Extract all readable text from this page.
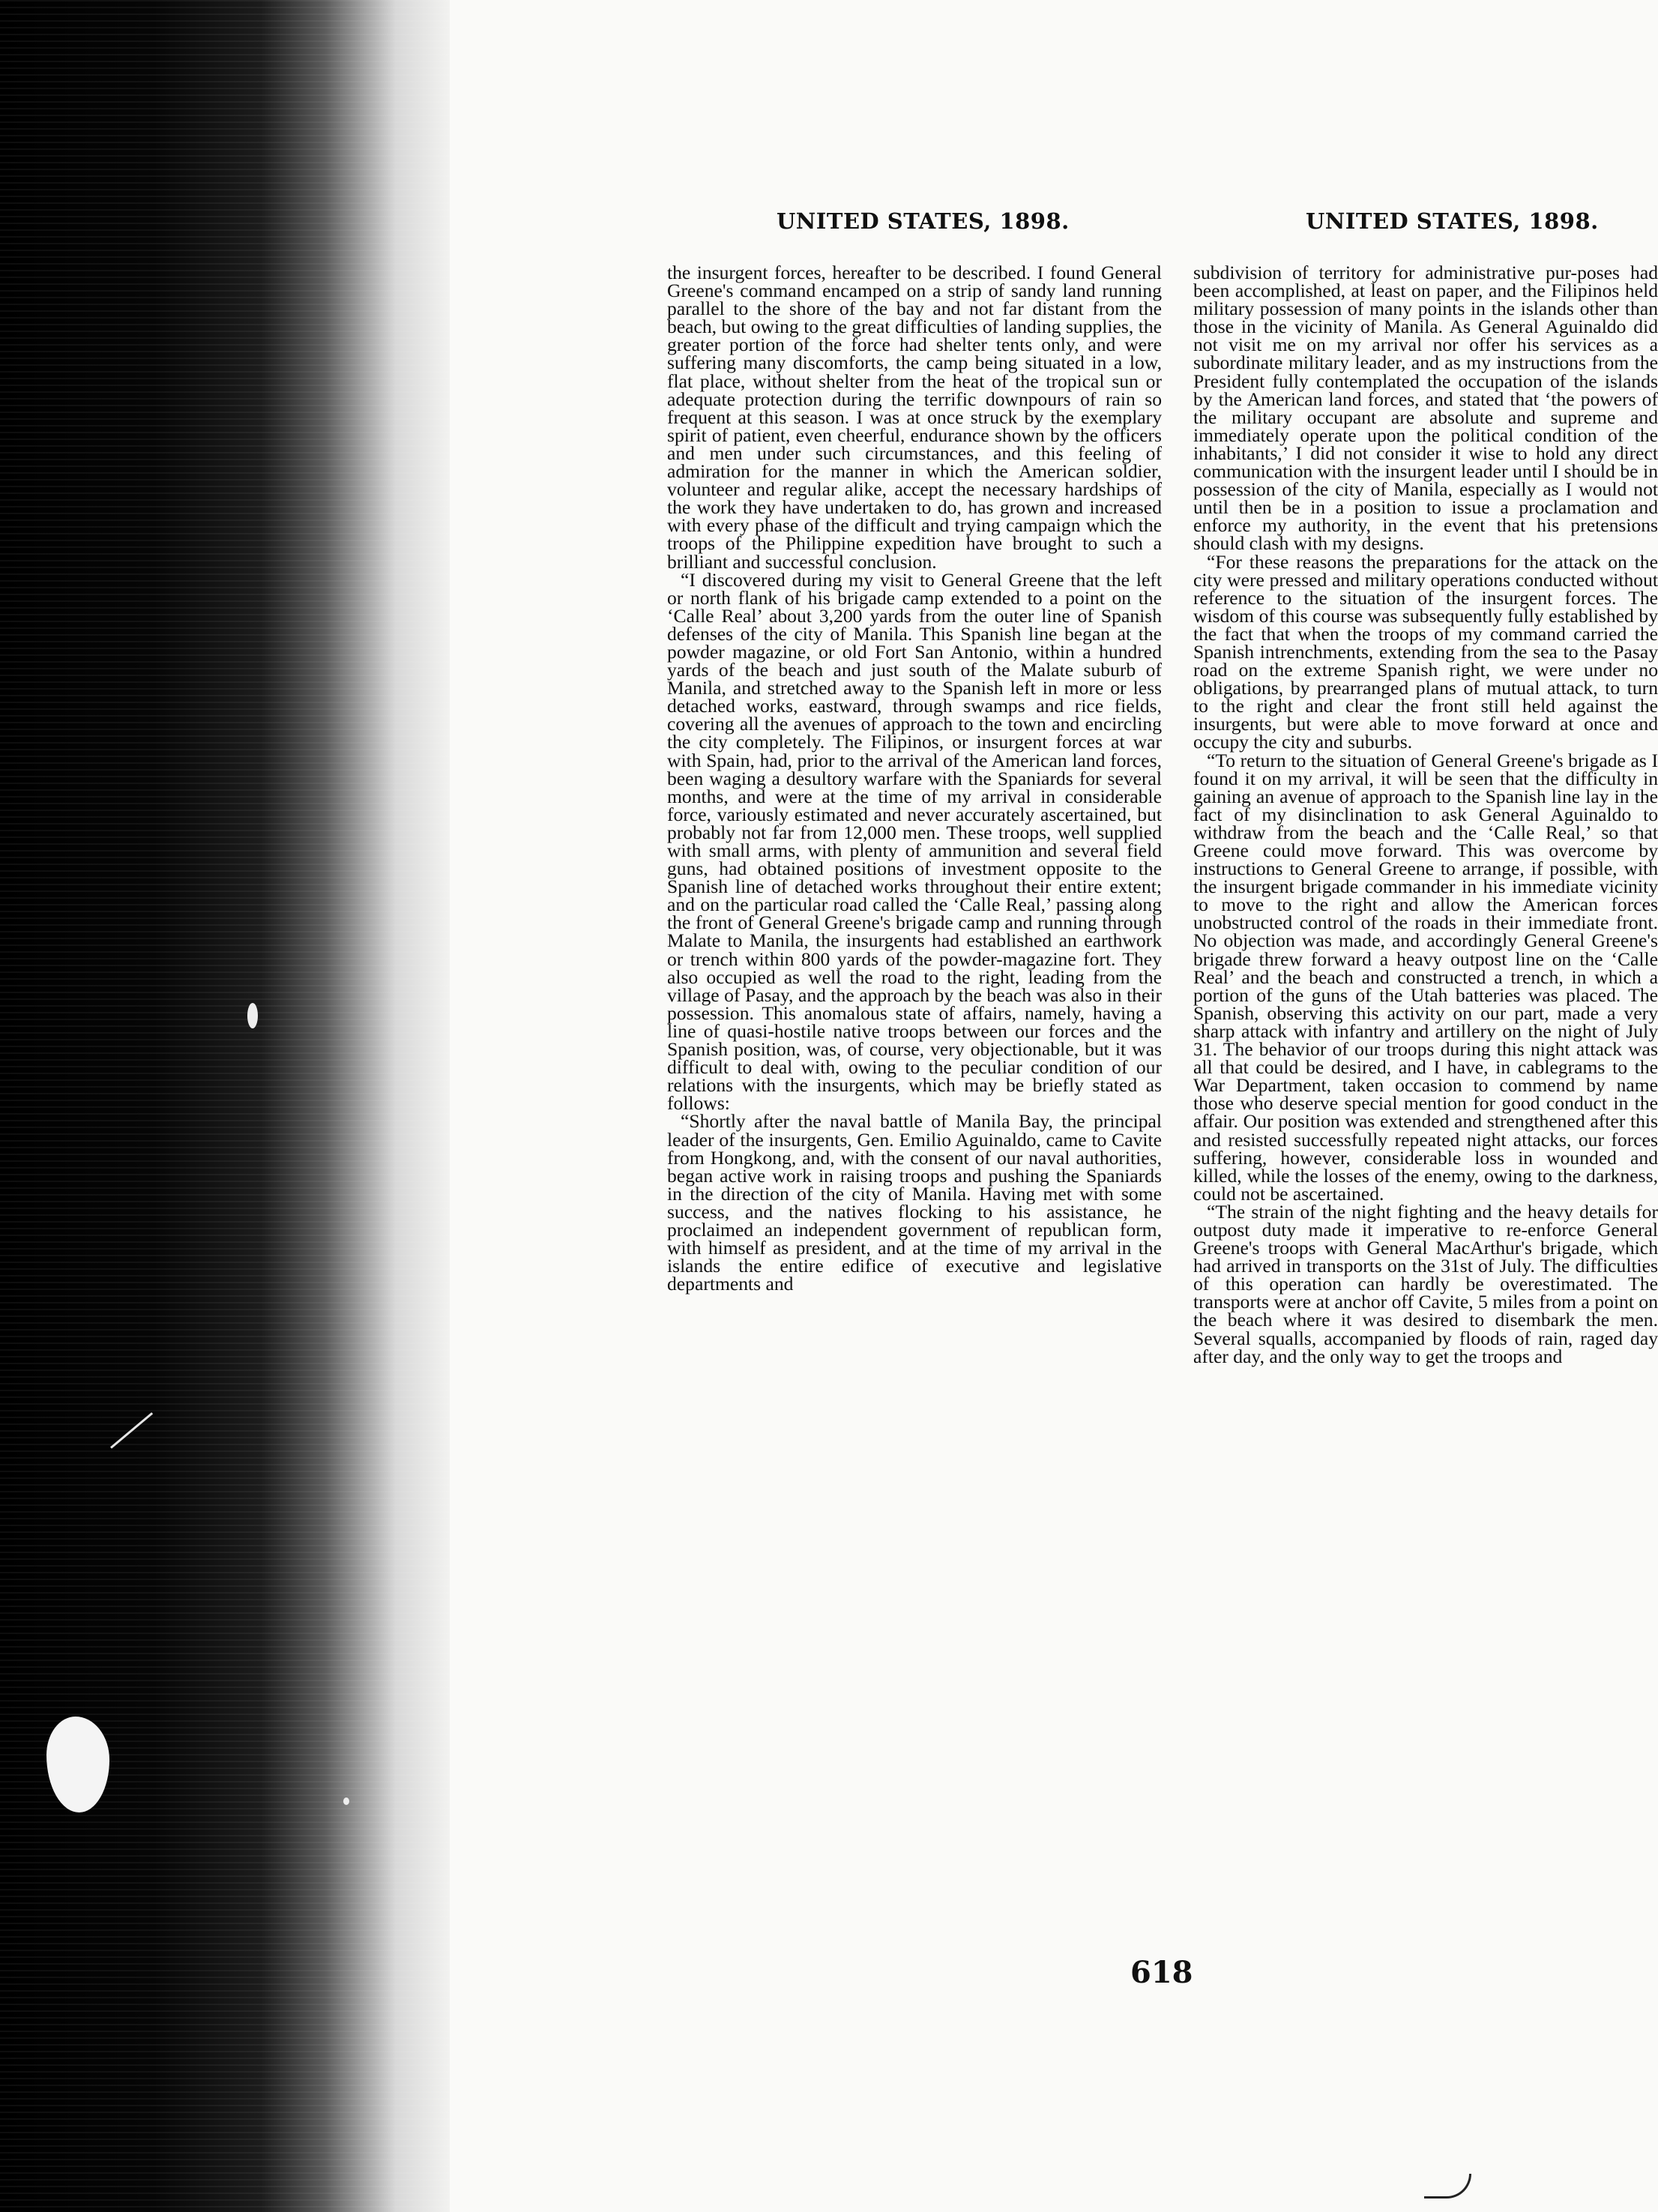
UNITED STATES, 1898.	UNITED STATES, 1898.

the insurgent forces, hereafter to be described. I found General Greene's command encamped on a strip of sandy land running parallel to the shore of the bay and not far distant from the beach, but owing to the great difficulties of landing supplies, the greater portion of the force had shelter tents only, and were suffering many discomforts, the camp being situated in a low, flat place, without shelter from the heat of the tropical sun or adequate protection during the terrific downpours of rain so frequent at this season. I was at once struck by the exemplary spirit of patient, even cheerful, endurance shown by the officers and men under such circumstances, and this feeling of admiration for the manner in which the American soldier, volunteer and regular alike, accept the necessary hardships of the work they have undertaken to do, has grown and increased with every phase of the difficult and trying campaign which the troops of the Philippine expedition have brought to such a brilliant and successful conclusion.

“I discovered during my visit to General Greene that the left or north flank of his brigade camp extended to a point on the ‘Calle Real’ about 3,200 yards from the outer line of Spanish defenses of the city of Manila. This Spanish line began at the powder magazine, or old Fort San Antonio, within a hundred yards of the beach and just south of the Malate suburb of Manila, and stretched away to the Spanish left in more or less detached works, eastward, through swamps and rice fields, covering all the avenues of approach to the town and encircling the city completely. The Filipinos, or insurgent forces at war with Spain, had, prior to the arrival of the American land forces, been waging a desultory warfare with the Spaniards for several months, and were at the time of my arrival in considerable force, variously estimated and never accurately ascertained, but probably not far from 12,000 men. These troops, well supplied with small arms, with plenty of ammunition and several field guns, had obtained positions of investment opposite to the Spanish line of detached works throughout their entire extent; and on the particular road called the ‘Calle Real,’ passing along the front of General Greene's brigade camp and running through Malate to Manila, the insurgents had established an earthwork or trench within 800 yards of the powder-magazine fort. They also occupied as well the road to the right, leading from the village of Pasay, and the approach by the beach was also in their possession. This anomalous state of affairs, namely, having a line of quasi-hostile native troops between our forces and the Spanish position, was, of course, very objectionable, but it was difficult to deal with, owing to the peculiar condition of our relations with the insurgents, which may be briefly stated as follows:

“Shortly after the naval battle of Manila Bay, the principal leader of the insurgents, Gen. Emilio Aguinaldo, came to Cavite from Hongkong, and, with the consent of our naval authorities, began active work in raising troops and pushing the Spaniards in the direction of the city of Manila. Having met with some success, and the natives flocking to his assistance, he proclaimed an independent government of republican form, with himself as president, and at the time of my arrival in the islands the entire edifice of executive and legislative departments and

subdivision of territory for administrative pur-poses had been accomplished, at least on paper, and the Filipinos held military possession of many points in the islands other than those in the vicinity of Manila. As General Aguinaldo did not visit me on my arrival nor offer his services as a subordinate military leader, and as my instructions from the President fully contemplated the occupation of the islands by the American land forces, and stated that ‘the powers of the military occupant are absolute and supreme and immediately operate upon the political condition of the inhabitants,’ I did not consider it wise to hold any direct communication with the insurgent leader until I should be in possession of the city of Manila, especially as I would not until then be in a position to issue a proclamation and enforce my authority, in the event that his pretensions should clash with my designs.

“For these reasons the preparations for the attack on the city were pressed and military operations conducted without reference to the situation of the insurgent forces. The wisdom of this course was subsequently fully established by the fact that when the troops of my command carried the Spanish intrenchments, extending from the sea to the Pasay road on the extreme Spanish right, we were under no obligations, by prearranged plans of mutual attack, to turn to the right and clear the front still held against the insurgents, but were able to move forward at once and occupy the city and suburbs.

“To return to the situation of General Greene's brigade as I found it on my arrival, it will be seen that the difficulty in gaining an avenue of approach to the Spanish line lay in the fact of my disinclination to ask General Aguinaldo to withdraw from the beach and the ‘Calle Real,’ so that Greene could move forward. This was overcome by instructions to General Greene to arrange, if possible, with the insurgent brigade commander in his immediate vicinity to move to the right and allow the American forces unobstructed control of the roads in their immediate front. No objection was made, and accordingly General Greene's brigade threw forward a heavy outpost line on the ‘Calle Real’ and the beach and constructed a trench, in which a portion of the guns of the Utah batteries was placed. The Spanish, observing this activity on our part, made a very sharp attack with infantry and artillery on the night of July 31. The behavior of our troops during this night attack was all that could be desired, and I have, in cablegrams to the War Department, taken occasion to commend by name those who deserve special mention for good conduct in the affair. Our position was extended and strengthened after this and resisted successfully repeated night attacks, our forces suffering, however, considerable loss in wounded and killed, while the losses of the enemy, owing to the darkness, could not be ascertained.

“The strain of the night fighting and the heavy details for outpost duty made it imperative to re-enforce General Greene's troops with General MacArthur's brigade, which had arrived in transports on the 31st of July. The difficulties of this operation can hardly be overestimated. The transports were at anchor off Cavite, 5 miles from a point on the beach where it was desired to disembark the men. Several squalls, accompanied by floods of rain, raged day after day, and the only way to get the troops and

618
